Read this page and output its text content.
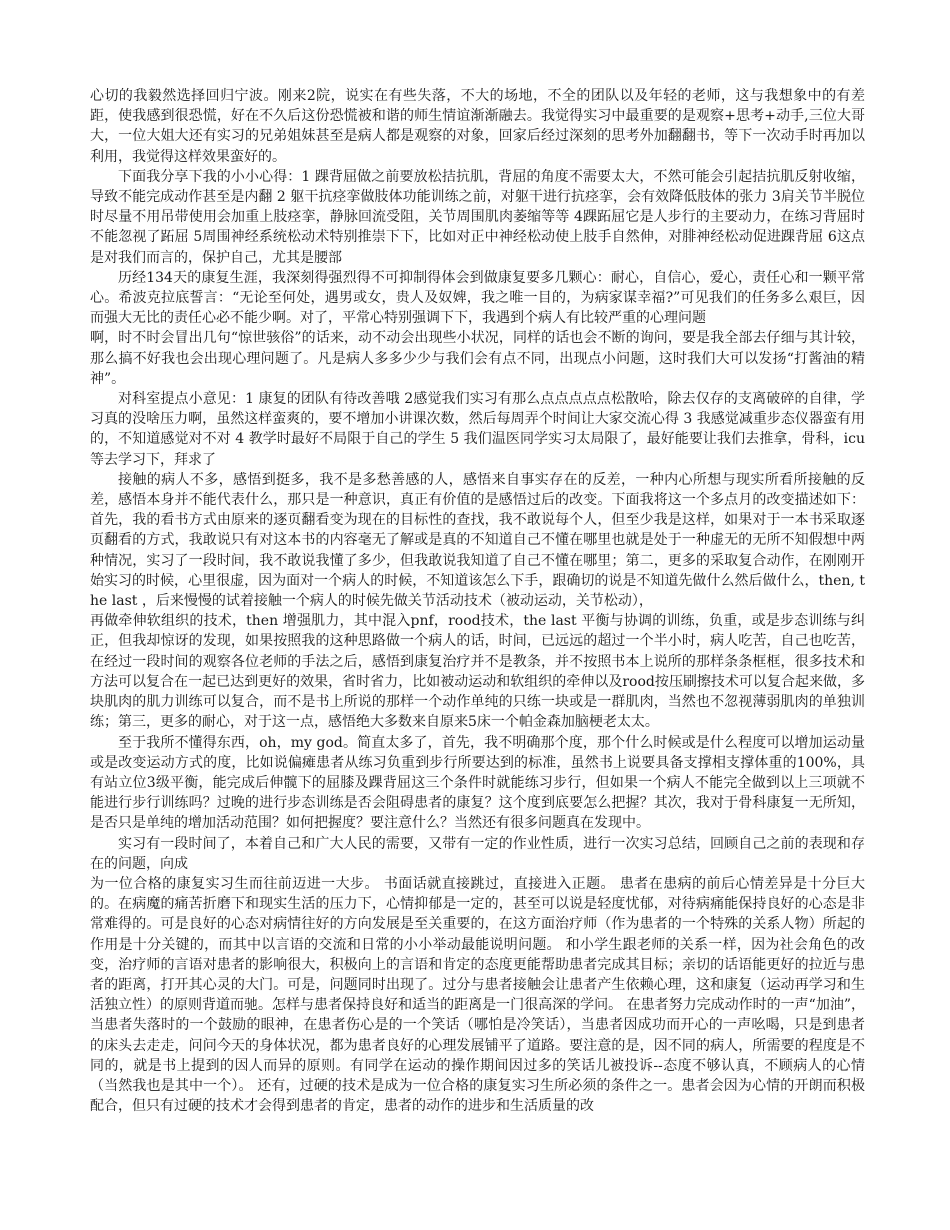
心切的我毅然选择回归宁波。刚来2院，说实在有些失落，不大的场地，不全的团队以及年轻的老师，这与我想象中的有差距，使我感到很恐慌，好在不久后这份恐慌被和谐的师生情谊渐渐融去。我觉得实习中最重要的是观察+思考+动手,三位大哥大，一位大姐大还有实习的兄弟姐妹甚至是病人都是观察的对象，回家后经过深刻的思考外加翻翻书，等下一次动手时再加以利用，我觉得这样效果蛮好的。

下面我分享下我的小小心得：1 踝背屈做之前要放松拮抗肌，背屈的角度不需要太大，不然可能会引起拮抗肌反射收缩，导致不能完成动作甚至是内翻 2 躯干抗痉挛做肢体功能训练之前，对躯干进行抗痉挛，会有效降低肢体的张力 3肩关节半脱位时尽量不用吊带使用会加重上肢痉挛，静脉回流受阻，关节周围肌肉萎缩等等 4踝跖屈它是人步行的主要动力，在练习背屈时不能忽视了跖屈 5周围神经系统松动术特别推崇下下，比如对正中神经松动使上肢手自然伸，对腓神经松动促进踝背屈 6这点是对我们而言的，保护自己，尤其是腰部

历经134天的康复生涯，我深刻得强烈得不可抑制得体会到做康复要多几颗心：耐心，自信心，爱心，责任心和一颗平常心。希波克拉底誓言：“无论至何处，遇男或女，贵人及奴婢，我之唯一目的，为病家谋幸福?”可见我们的任务多么艰巨，因而强大无比的责任心必不能少啊。对了，平常心特别强调下下，我遇到个病人有比较严重的心理问题

啊，时不时会冒出几句“惊世骇俗”的话来，动不动会出现些小状况，同样的话也会不断的询问，要是我全部去仔细与其计较，那么搞不好我也会出现心理问题了。凡是病人多多少少与我们会有点不同，出现点小问题，这时我们大可以发扬“打酱油的精神”。

对科室提点小意见：1 康复的团队有待改善哦 2感觉我们实习有那么点点点点点松散哈，除去仅存的支离破碎的自律，学习真的没啥压力啊，虽然这样蛮爽的，要不增加小讲课次数，然后每周弄个时间让大家交流心得 3 我感觉减重步态仪器蛮有用的，不知道感觉对不对 4 教学时最好不局限于自己的学生 5 我们温医同学实习太局限了，最好能要让我们去推拿，骨科，icu等去学习下，拜求了

接触的病人不多，感悟到挺多，我不是多愁善感的人，感悟来自事实存在的反差，一种内心所想与现实所看所接触的反差，感悟本身并不能代表什么，那只是一种意识，真正有价值的是感悟过后的改变。下面我将这一个多点月的改变描述如下：首先，我的看书方式由原来的逐页翻看变为现在的目标性的查找，我不敢说每个人，但至少我是这样，如果对于一本书采取逐页翻看的方式，我敢说只有对这本书的内容毫无了解或是真的不知道自己不懂在哪里也就是处于一种虚无的无所不知假想中两种情况，实习了一段时间，我不敢说我懂了多少，但我敢说我知道了自己不懂在哪里；第二，更多的采取复合动作，在刚刚开始实习的时候，心里很虚，因为面对一个病人的时候，不知道该怎么下手，跟确切的说是不知道先做什么然后做什么，then, the last ，后来慢慢的试着接触一个病人的时候先做关节活动技术（被动运动，关节松动），

再做牵伸软组织的技术，then 增强肌力，其中混入pnf，rood技术，the last 平衡与协调的训练，负重，或是步态训练与纠正，但我却惊讶的发现，如果按照我的这种思路做一个病人的话，时间，已远远的超过一个半小时，病人吃苦，自己也吃苦，在经过一段时间的观察各位老师的手法之后，感悟到康复治疗并不是教条，并不按照书本上说所的那样条条框框，很多技术和方法可以复合在一起已达到更好的效果，省时省力，比如被动运动和软组织的牵伸以及rood按压刷擦技术可以复合起来做，多块肌肉的肌力训练可以复合，而不是书上所说的那样一个动作单纯的只练一块或是一群肌肉，当然也不忽视薄弱肌肉的单独训练；第三，更多的耐心，对于这一点，感悟绝大多数来自原来5床一个帕金森加脑梗老太太。

至于我所不懂得东西，oh，my god。简直太多了，首先，我不明确那个度，那个什么时候或是什么程度可以增加运动量或是改变运动方式的度，比如说偏瘫患者从练习负重到步行所要达到的标准，虽然书上说要具备支撑相支撑体重的100%，具有站立位3级平衡，能完成后伸髋下的屈膝及踝背屈这三个条件时就能练习步行，但如果一个病人不能完全做到以上三项就不能进行步行训练吗？过晚的进行步态训练是否会阻碍患者的康复？这个度到底要怎么把握？其次，我对于骨科康复一无所知，是否只是单纯的增加活动范围？如何把握度？要注意什么？当然还有很多问题真在发现中。

实习有一段时间了，本着自己和广大人民的需要，又带有一定的作业性质，进行一次实习总结，回顾自己之前的表现和存在的问题，向成

为一位合格的康复实习生而往前迈进一大步。 书面话就直接跳过，直接进入正题。 患者在患病的前后心情差异是十分巨大的。在病魔的痛苦折磨下和现实生活的压力下，心情抑郁是一定的，甚至可以说是轻度忧郁，对待病痛能保持良好的心态是非常难得的。可是良好的心态对病情往好的方向发展是至关重要的，在这方面治疗师（作为患者的一个特殊的关系人物）所起的作用是十分关键的，而其中以言语的交流和日常的小小举动最能说明问题。 和小学生跟老师的关系一样，因为社会角色的改变，治疗师的言语对患者的影响很大，积极向上的言语和肯定的态度更能帮助患者完成其目标；亲切的话语能更好的拉近与患者的距离，打开其心灵的大门。可是，问题同时出现了。过分与患者接触会让患者产生依赖心理，这和康复（运动再学习和生活独立性）的原则背道而驰。怎样与患者保持良好和适当的距离是一门很高深的学问。 在患者努力完成动作时的一声“加油”，当患者失落时的一个鼓励的眼神，在患者伤心是的一个笑话（哪怕是冷笑话），当患者因成功而开心的一声吆喝，只是到患者的床头去走走，问问今天的身体状况，都为患者良好的心理发展铺平了道路。要注意的是，因不同的病人，所需要的程度是不同的，就是书上提到的因人而异的原则。有同学在运动的操作期间因过多的笑话儿被投诉--态度不够认真，不顾病人的心情（当然我也是其中一个）。 还有，过硬的技术是成为一位合格的康复实习生所必须的条件之一。患者会因为心情的开朗而积极配合，但只有过硬的技术才会得到患者的肯定，患者的动作的进步和生活质量的改
